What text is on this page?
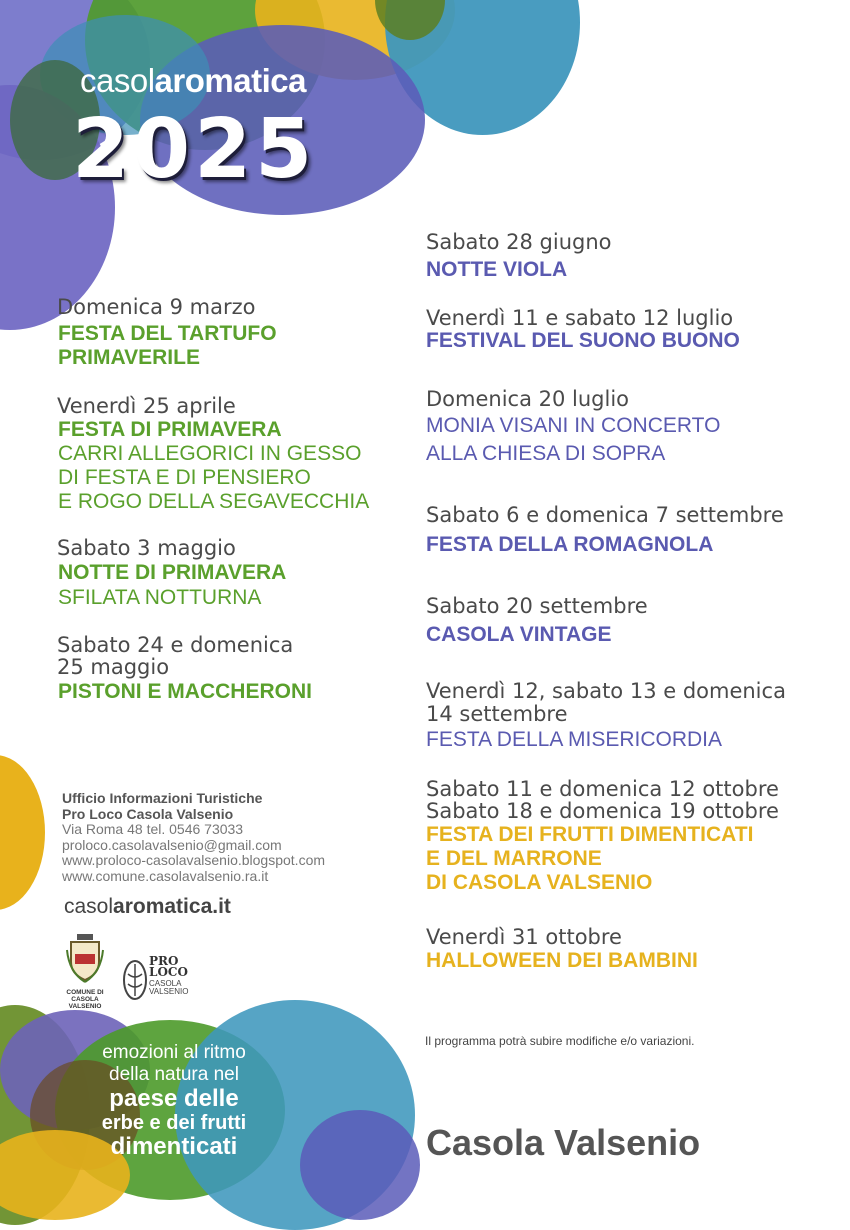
casolaromatica
2025
Domenica 9 marzo
FESTA DEL TARTUFO
PRIMAVERILE
Venerdì 25 aprile
FESTA DI PRIMAVERA
CARRI ALLEGORICI IN GESSO
DI FESTA E DI PENSIERO
E ROGO DELLA SEGAVECCHIA
Sabato 3 maggio
NOTTE DI PRIMAVERA
SFILATA NOTTURNA
Sabato 24 e domenica
25 maggio
PISTONI E MACCHERONI
Sabato 28 giugno
NOTTE VIOLA
Venerdì 11 e sabato 12 luglio
FESTIVAL DEL SUONO BUONO
Domenica 20 luglio
MONIA VISANI IN CONCERTO
ALLA CHIESA DI SOPRA
Sabato 6 e domenica 7 settembre
FESTA DELLA ROMAGNOLA
Sabato 20 settembre
CASOLA VINTAGE
Venerdì 12, sabato 13 e domenica
14 settembre
FESTA DELLA MISERICORDIA
Sabato 11 e domenica 12 ottobre
Sabato 18 e domenica 19 ottobre
FESTA DEI FRUTTI DIMENTICATI
E DEL MARRONE
DI CASOLA VALSENIO
Venerdì 31 ottobre
HALLOWEEN DEI BAMBINI
Ufficio Informazioni Turistiche
Pro Loco Casola Valsenio
Via Roma 48 tel. 0546 73033
proloco.casolavalsenio@gmail.com
www.proloco-casolavalsenio.blogspot.com
www.comune.casolavalsenio.ra.it
casolaromatica.it
COMUNE DI
CASOLA VALSENIO
PRO
LOCO
CASOLA
VALSENIO
emozioni al ritmo
della natura nel
paese delle
erbe e dei frutti
dimenticati
Il programma potrà subire modifiche e/o variazioni.
Casola Valsenio
